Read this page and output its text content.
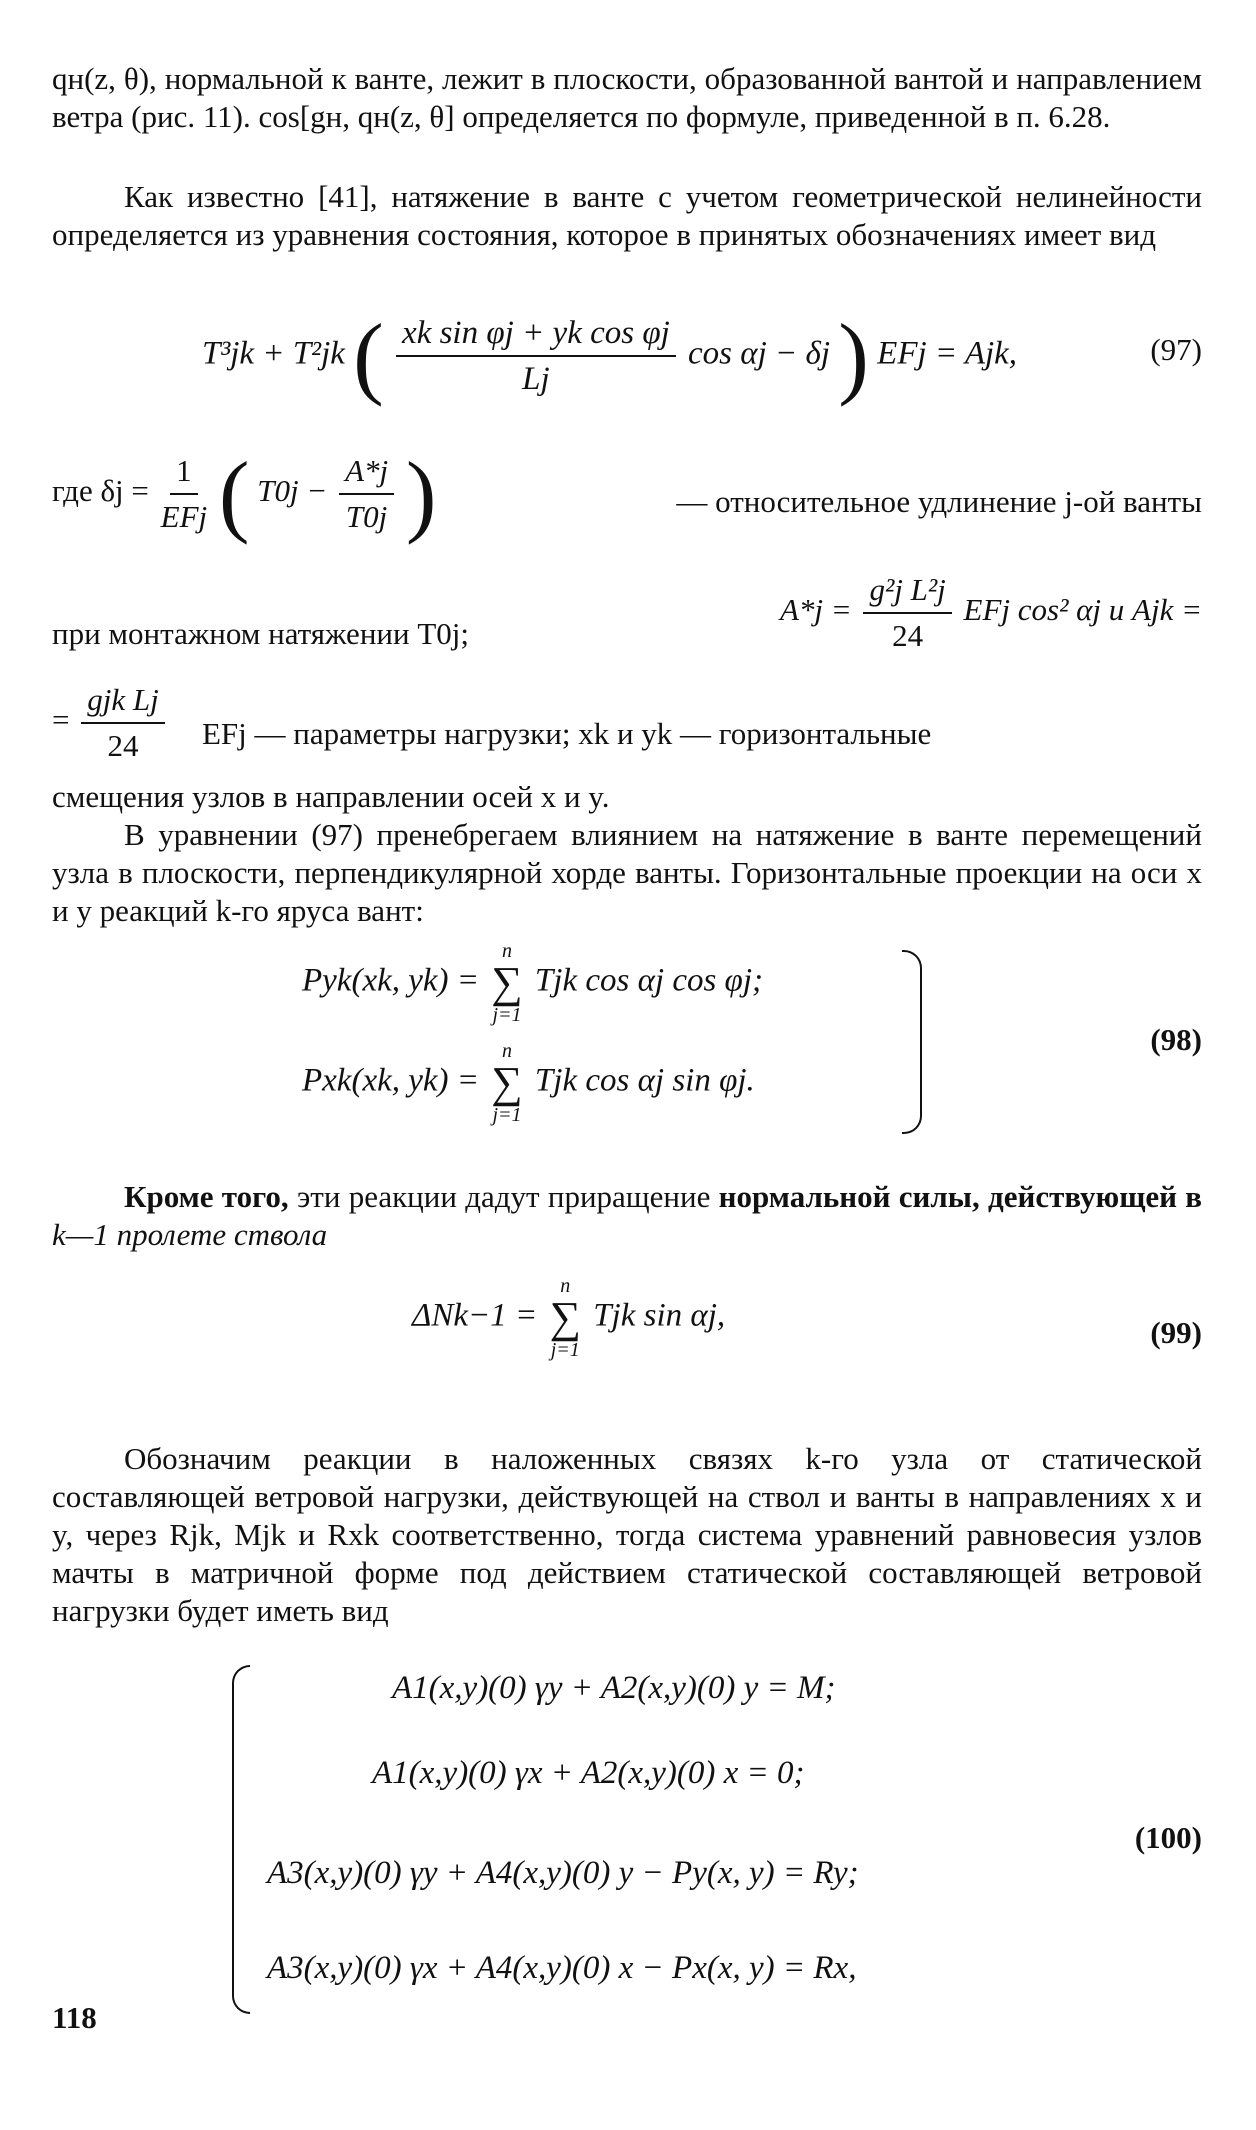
qн(z, θ), нормальной к ванте, лежит в плоскости, образованной вантой и направлением ветра (рис. 11). cos[gн, qн(z, θ] определяется по формуле, приведенной в п. 6.28.

Как известно [41], натяжение в ванте с учетом геометрической нелинейности определяется из уравнения состояния, которое в принятых обозначениях имеет вид

T³jk + T²jk ( $\frac{\text{xk sin φj + yk cos φj}}{Lj}$ cos αj − δj ) EFj = Ajk,	(97)
где $\delta j = \frac{1}{\text{EFj}}$ ( $T0j - \frac{A*j}{T0j}$ )	— относительное удлинение j-ой ванты
при монтажном натяжении T0j;
$A*j = \frac{\text{g²j L²j}}{24}$ EFj cos² αj и Ajk =
= $\frac{\text{gjk Lj}}{24}$ EFj — параметры нагрузки; xk и yk — горизонтальные

смещения узлов в направлении осей x и y.

В уравнении (97) пренебрегаем влиянием на натяжение в ванте перемещений узла в плоскости, перпендикулярной хорде ванты. Горизонтальные проекции на оси x и y реакций k-го яруса вант:

Pyk(xk, yk) =
n
∑
j=1
Tjk cos αj cos φj;
Pxk(xk, yk) =
n
∑
j=1
Tjk cos αj sin φj.
(98)

Кроме того, эти реакции дадут приращение нормальной силы, действующей в k—1 пролете ствола

ΔNk−1 =
n
∑
j=1
Tjk sin αj,	(99)

Обозначим реакции в наложенных связях k-го узла от статической составляющей ветровой нагрузки, действующей на ствол и ванты в направлениях x и y, через Rjk, Mjk и Rxk соответственно, тогда система уравнений равновесия узлов мачты в матричной форме под действием статической составляющей ветровой нагрузки будет иметь вид

A1(x,y)(0) γy + A2(x,y)(0) y = M;
A1(x,y)(0) γx + A2(x,y)(0) x = 0;
A3(x,y)(0) γy + A4(x,y)(0) y − Py(x, y) = Ry;
A3(x,y)(0) γx + A4(x,y)(0) x − Px(x, y) = Rx,
(100)
118
